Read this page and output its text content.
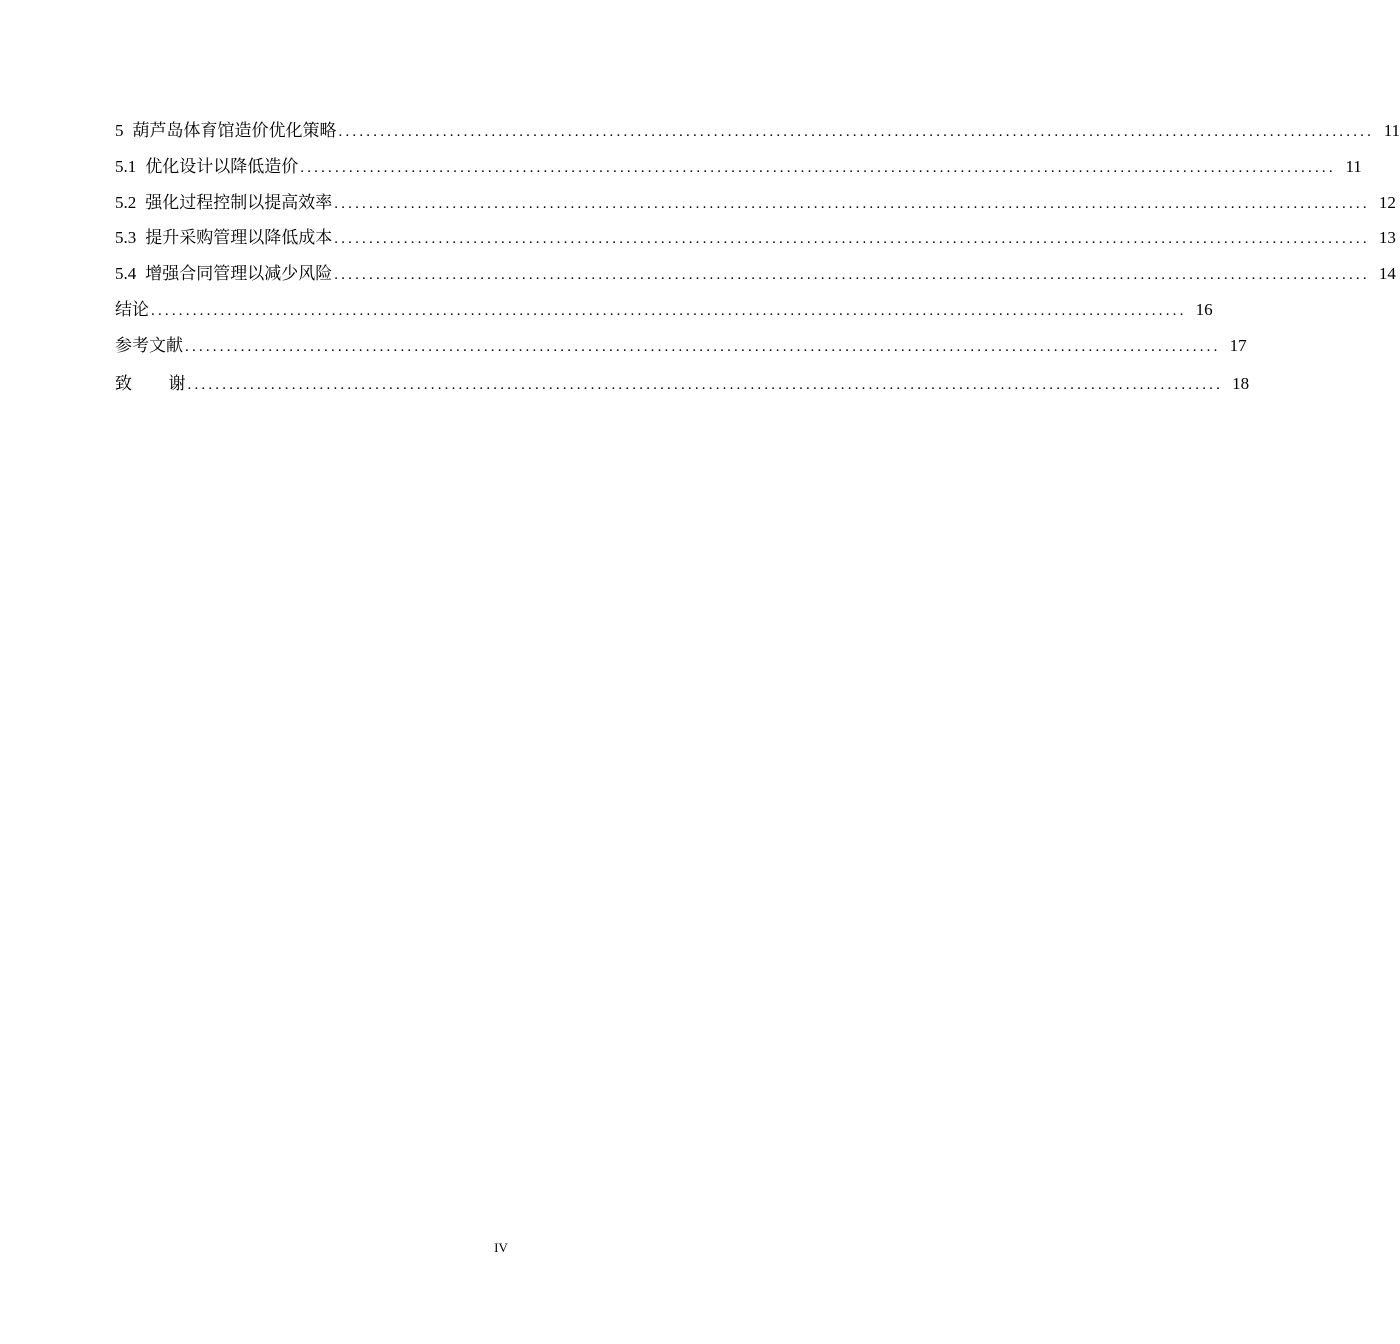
5 葫芦岛体育馆造价优化策略 ..................................................................................................................................................... 11
5.1 优化设计以降低造价 ..................................................................................................................................................... 11
5.2 强化过程控制以提高效率 ..................................................................................................................................................... 12
5.3 提升采购管理以降低成本 ..................................................................................................................................................... 13
5.4 增强合同管理以减少风险 ..................................................................................................................................................... 14
结论 ..................................................................................................................................................... 16
参考文献 ..................................................................................................................................................... 17
致  谢 ..................................................................................................................................................... 18
IV
